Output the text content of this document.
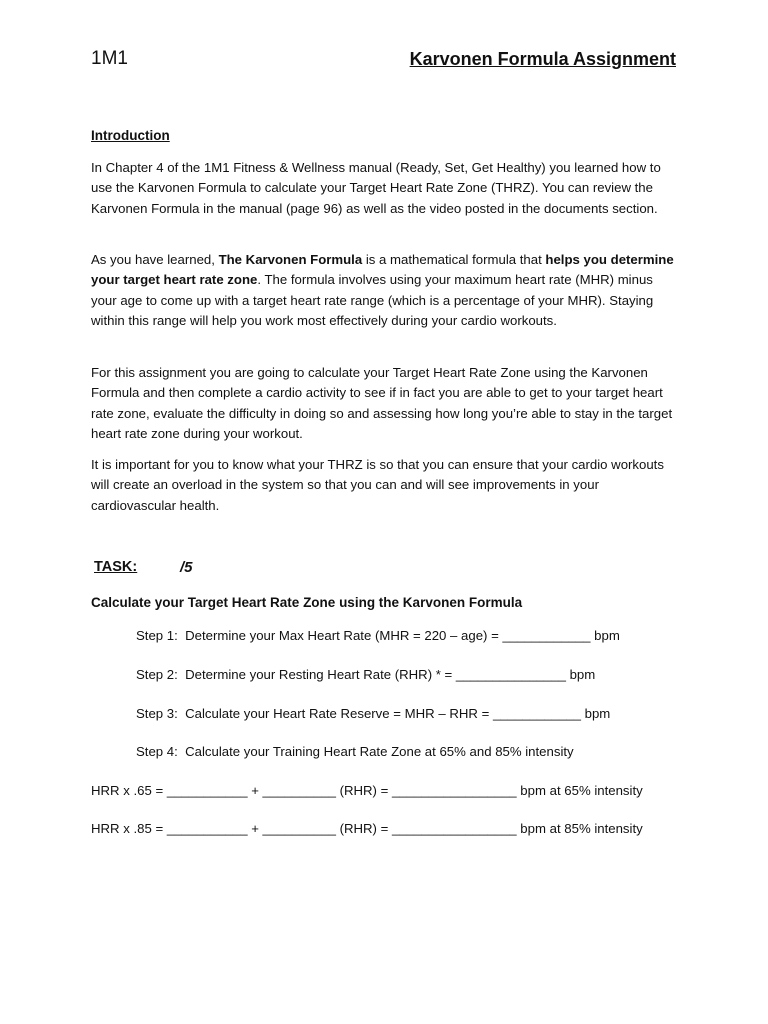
1M1	Karvonen Formula Assignment
Introduction

In Chapter 4 of the 1M1 Fitness & Wellness manual (Ready, Set, Get Healthy) you learned how to use the Karvonen Formula to calculate your Target Heart Rate Zone (THRZ). You can review the Karvonen Formula in the manual (page 96) as well as the video posted in the documents section.

As you have learned, The Karvonen Formula is a mathematical formula that helps you determine your target heart rate zone. The formula involves using your maximum heart rate (MHR) minus your age to come up with a target heart rate range (which is a percentage of your MHR). Staying within this range will help you work most effectively during your cardio workouts.

For this assignment you are going to calculate your Target Heart Rate Zone using the Karvonen Formula and then complete a cardio activity to see if in fact you are able to get to your target heart rate zone, evaluate the difficulty in doing so and assessing how long you’re able to stay in the target heart rate zone during your workout.

It is important for you to know what your THRZ is so that you can ensure that your cardio workouts will create an overload in the system so that you can and will see improvements in your cardiovascular health.

TASK:	/5
Calculate your Target Heart Rate Zone using the Karvonen Formula
Step 1:  Determine your Max Heart Rate (MHR = 220 – age) = ____________ bpm
Step 2:  Determine your Resting Heart Rate (RHR) * = _______________ bpm
Step 3:  Calculate your Heart Rate Reserve = MHR – RHR = ____________ bpm
Step 4:  Calculate your Training Heart Rate Zone at 65% and 85% intensity
HRR x .65 = ___________ + __________ (RHR) = _________________ bpm at 65% intensity
HRR x .85 = ___________ + __________ (RHR) = _________________ bpm at 85% intensity
